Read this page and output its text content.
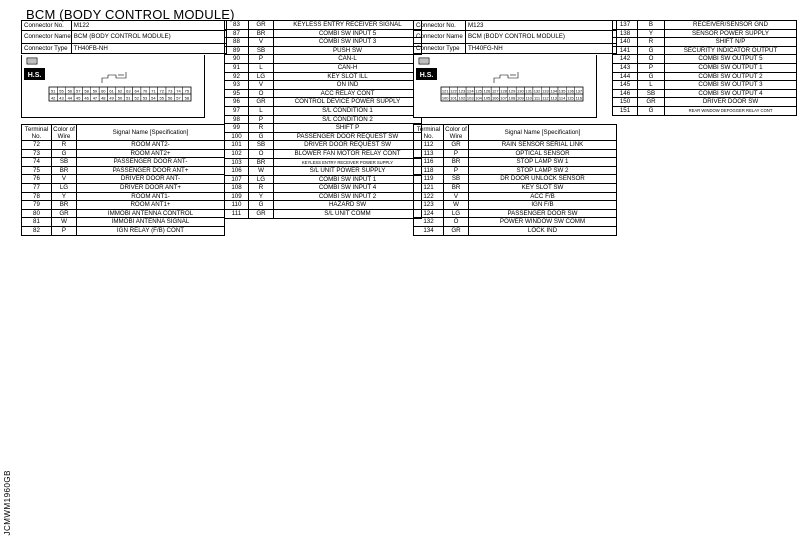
BCM (BODY CONTROL MODULE)
Connector No.	M122
Connector Name	BCM (BODY CONTROL MODULE)
Connector Type	TH40FB-NH
H.S.
51 55 56 57 58 59 60 61 62 63 64 70 71 72 73 74 75
42 43 44 45 46 47 48 49 50 51 52 53 54 55 56 57 58
Terminal No.	Color of Wire	Signal Name [Specification]
72	R	ROOM ANT2-
73	G	ROOM ANT2+
74	SB	PASSENGER DOOR ANT-
75	BR	PASSENGER DOOR ANT+
76	V	DRIVER DOOR ANT-
77	LG	DRIVER DOOR ANT+
78	Y	ROOM ANT1-
79	BR	ROOM ANT1+
80	GR	IMMOBI ANTENNA CONTROL
81	W	IMMOBI ANTENNA SIGNAL
82	P	IGN RELAY (F/B) CONT
83	GR	KEYLESS ENTRY RECEIVER SIGNAL
87	BR	COMBI SW INPUT 5
88	V	COMBI SW INPUT 3
89	SB	PUSH SW
90	P	CAN-L
91	L	CAN-H
92	LG	KEY SLOT ILL
93	V	ON IND
95	O	ACC RELAY CONT
96	GR	CONTROL DEVICE POWER SUPPLY
97	L	S/L CONDITION 1
98	P	S/L CONDITION 2
99	R	SHIFT P
100	G	PASSENGER DOOR REQUEST SW
101	SB	DRIVER DOOR REQUEST SW
102	O	BLOWER FAN MOTOR RELAY CONT
103	BR	KEYLESS ENTRY RECEIVER POWER SUPPLY
106	W	S/L UNIT POWER SUPPLY
107	LG	COMBI SW INPUT 1
108	R	COMBI SW INPUT 4
109	Y	COMBI SW INPUT 2
110	G	HAZARD SW
111	GR	S/L UNIT COMM
Connector No.	M123
Connector Name	BCM (BODY CONTROL MODULE)
Connector Type	TH40FG-NH
H.S.
121 122 123 124 125 126 127 128 129 130 131 132 133 134 135 136 137
100 101 102 103 104 105 106 107 108 109 110 111 112 113 114 115 116
Terminal No.	Color of Wire	Signal Name [Specification]
112	GR	RAIN SENSOR SERIAL LINK
113	P	OPTICAL SENSOR
116	BR	STOP LAMP SW 1
118	P	STOP LAMP SW 2
119	SB	DR DOOR UNLOCK SENSOR
121	BR	KEY SLOT SW
122	V	ACC F/B
123	W	IGN F/B
124	LG	PASSENGER DOOR SW
132	O	POWER WINDOW SW COMM
134	GR	LOCK IND
137	B	RECEIVER/SENSOR GND
138	Y	SENSOR POWER SUPPLY
140	R	SHIFT N/P
141	G	SECURITY INDICATOR OUTPUT
142	O	COMBI SW OUTPUT 5
143	P	COMBI SW OUTPUT 1
144	G	COMBI SW OUTPUT 2
145	L	COMBI SW OUTPUT 3
146	SB	COMBI SW OUTPUT 4
150	GR	DRIVER DOOR SW
151	G	REAR WINDOW DEFOGGER RELAY CONT
JCMWM1960GB
